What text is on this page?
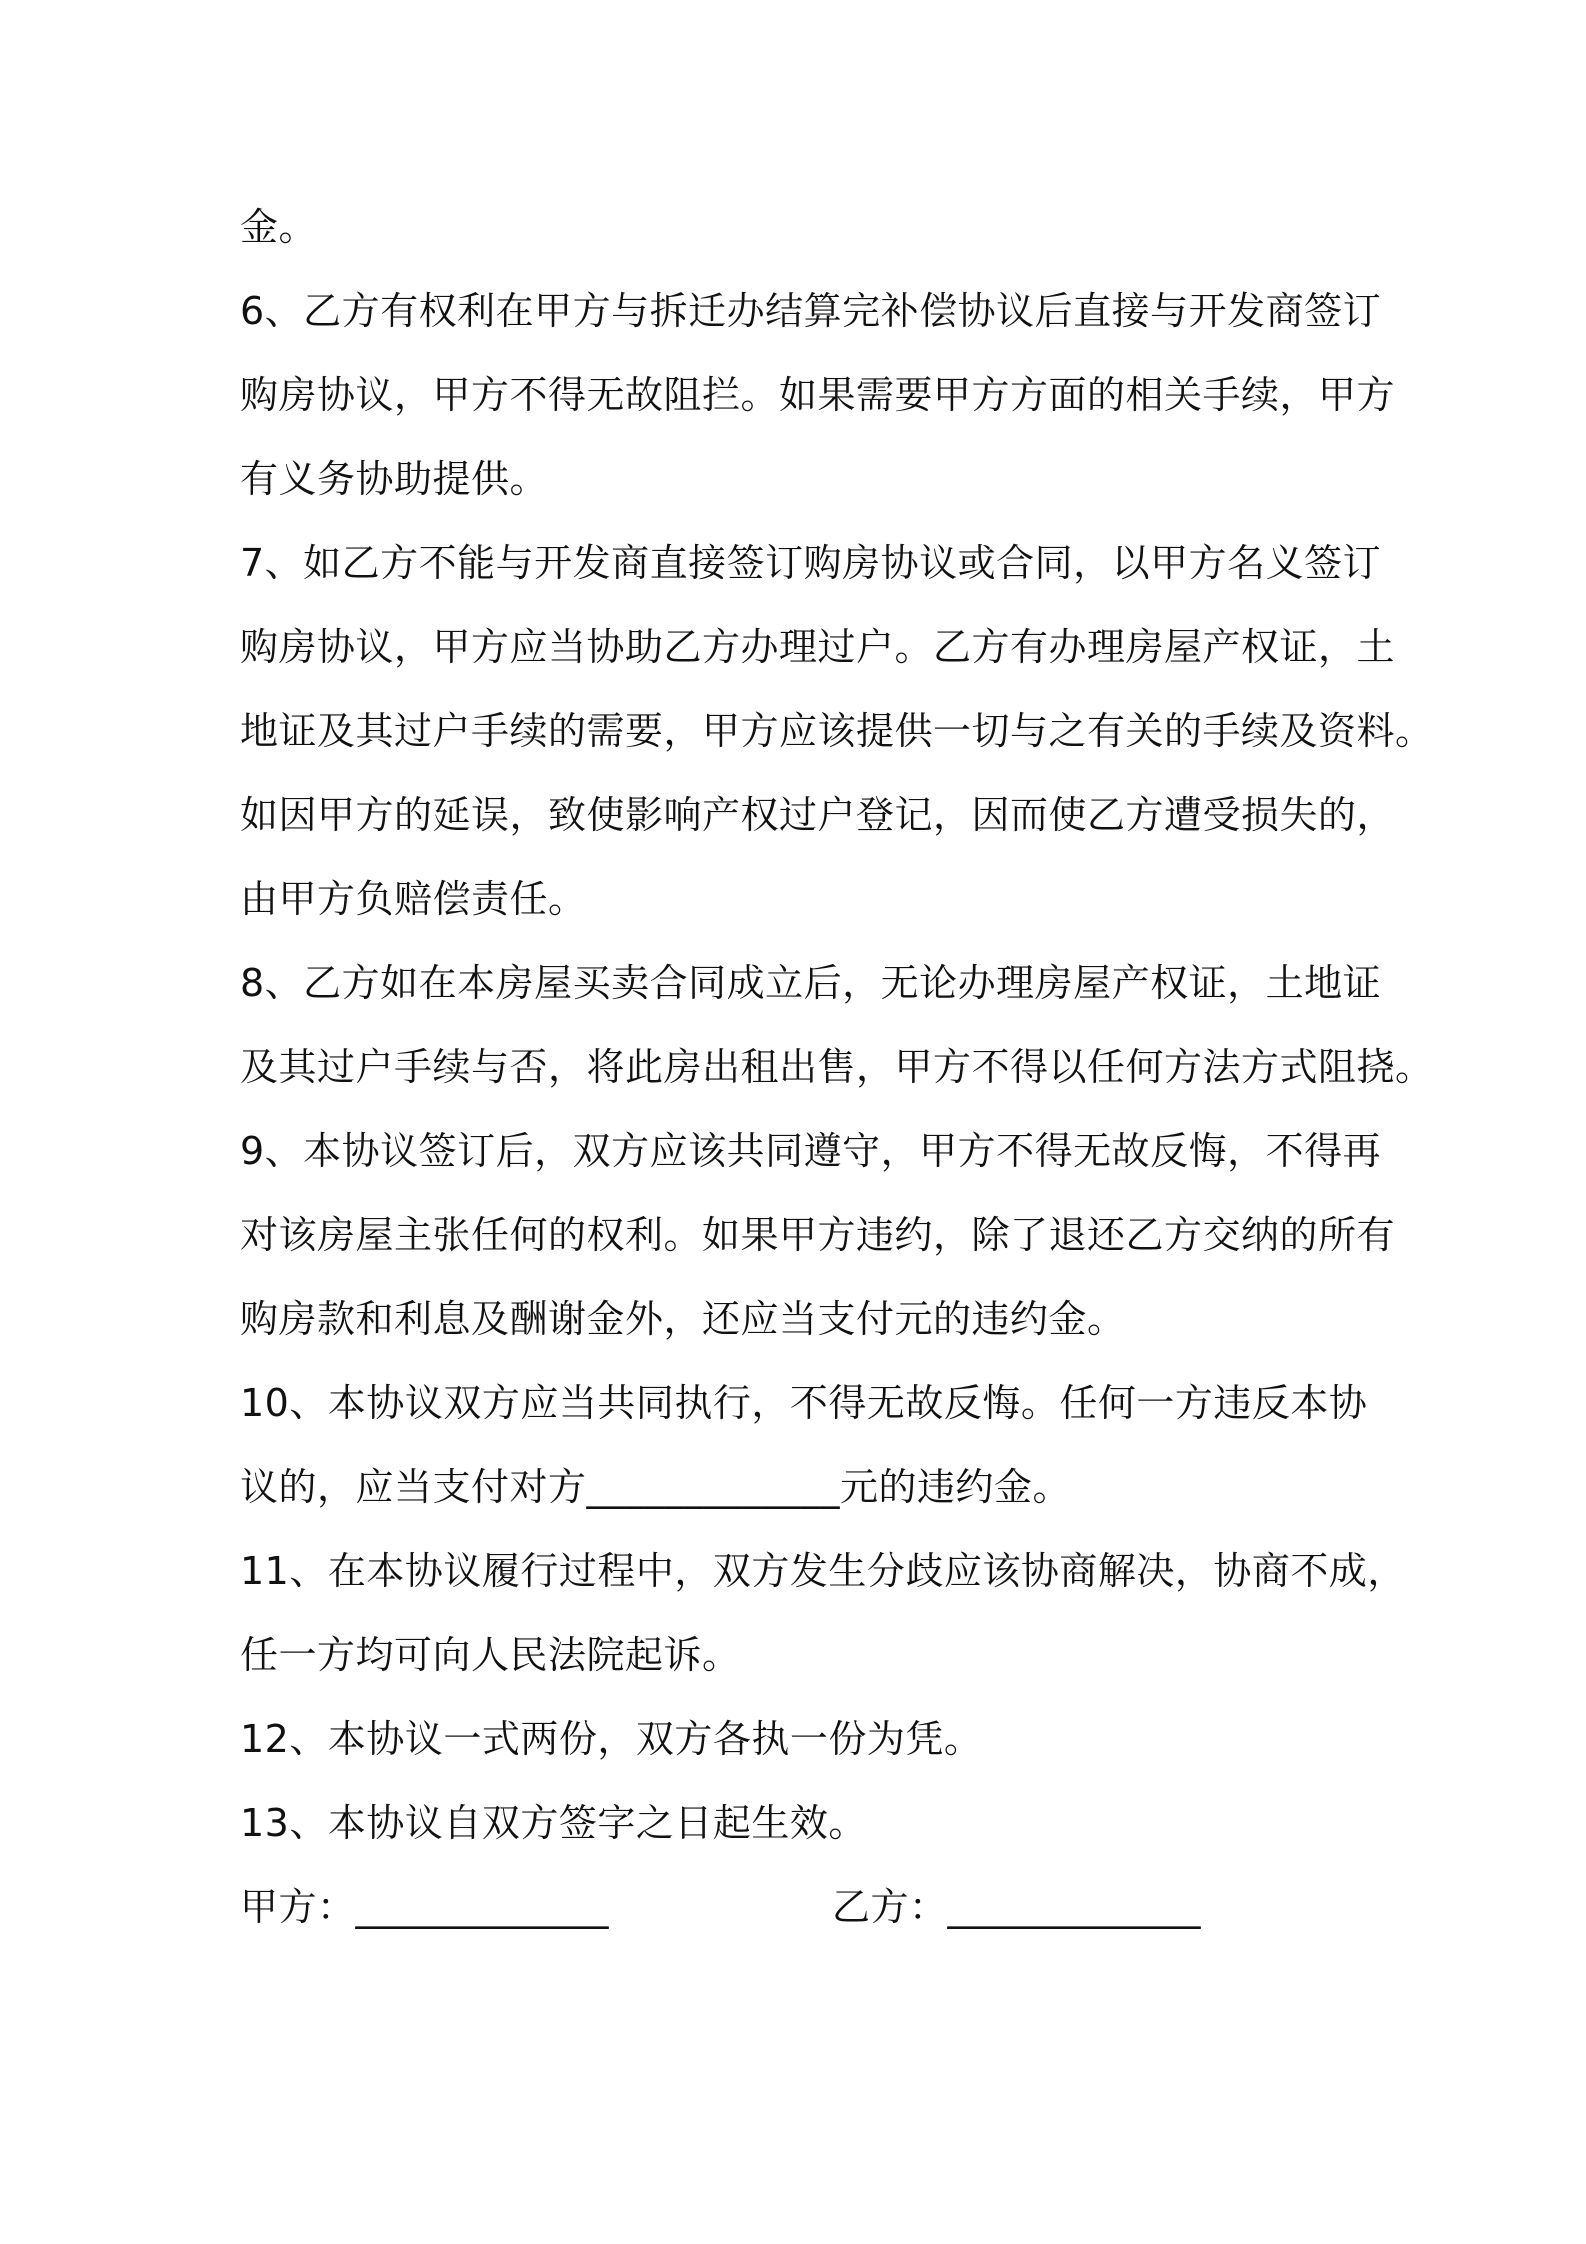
金。
6、乙方有权利在甲方与拆迁办结算完补偿协议后直接与开发商签订
购房协议，甲方不得无故阻拦。如果需要甲方方面的相关手续，甲方
有义务协助提供。
7、如乙方不能与开发商直接签订购房协议或合同，以甲方名义签订
购房协议，甲方应当协助乙方办理过户。乙方有办理房屋产权证，土
地证及其过户手续的需要，甲方应该提供一切与之有关的手续及资料。
如因甲方的延误，致使影响产权过户登记，因而使乙方遭受损失的，
由甲方负赔偿责任。
8、乙方如在本房屋买卖合同成立后，无论办理房屋产权证，土地证
及其过户手续与否，将此房出租出售，甲方不得以任何方法方式阻挠。
9、本协议签订后，双方应该共同遵守，甲方不得无故反悔，不得再
对该房屋主张任何的权利。如果甲方违约，除了退还乙方交纳的所有
购房款和利息及酬谢金外，还应当支付元的违约金。
10、本协议双方应当共同执行，不得无故反悔。任何一方违反本协
议的，应当支付对方_____________元的违约金。
11、在本协议履行过程中，双方发生分歧应该协商解决，协商不成，
任一方均可向人民法院起诉。
12、本协议一式两份，双方各执一份为凭。
13、本协议自双方签字之日起生效。
甲方：_____________	乙方：_____________
